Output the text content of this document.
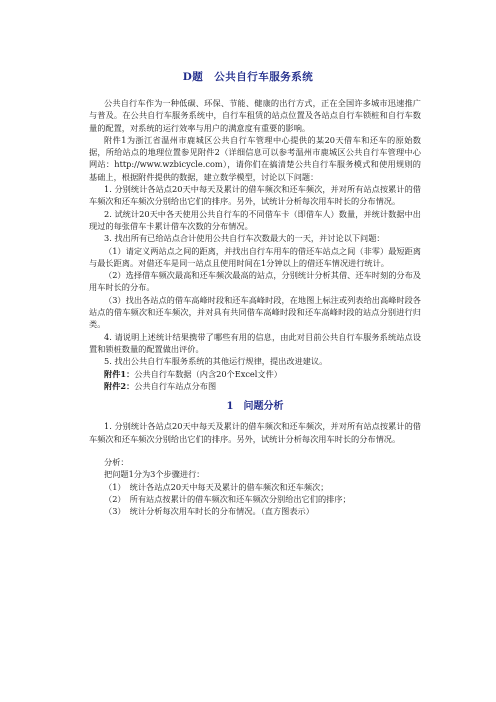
D题　公共自行车服务系统

公共自行车作为一种低碳、环保、节能、健康的出行方式，正在全国许多城市迅速推广与普及。在公共自行车服务系统中，自行车租赁的站点位置及各站点自行车锁桩和自行车数量的配置，对系统的运行效率与用户的满意度有重要的影响。

附件1为浙江省温州市鹿城区公共自行车管理中心提供的某20天借车和还车的原始数据，所给站点的地理位置参见附件2（详细信息可以参考温州市鹿城区公共自行车管理中心网站：http://www.wzbicycle.com），请你们在搞清楚公共自行车服务模式和使用规则的基础上，根据附件提供的数据，建立数学模型，讨论以下问题：

1. 分别统计各站点20天中每天及累计的借车频次和还车频次，并对所有站点按累计的借车频次和还车频次分别给出它们的排序。另外，试统计分析每次用车时长的分布情况。

2. 试统计20天中各天使用公共自行车的不同借车卡（即借车人）数量，并统计数据中出现过的每张借车卡累计借车次数的分布情况。

3. 找出所有已给站点合计使用公共自行车次数最大的一天，并讨论以下问题：

（1）请定义两站点之间的距离，并找出自行车用车的借还车站点之间（非零）最短距离与最长距离。对借还车是同一站点且使用时间在1分钟以上的借还车情况进行统计。

（2）选择借车频次最高和还车频次最高的站点，分别统计分析其借、还车时刻的分布及用车时长的分布。

（3）找出各站点的借车高峰时段和还车高峰时段，在地图上标注或列表给出高峰时段各站点的借车频次和还车频次，并对具有共同借车高峰时段和还车高峰时段的站点分别进行归类。

4. 请说明上述统计结果携带了哪些有用的信息，由此对目前公共自行车服务系统站点设置和锁桩数量的配置做出评价。

5. 找出公共自行车服务系统的其他运行规律，提出改进建议。

附件1：公共自行车数据（内含20个Excel文件）

附件2：公共自行车站点分布图

1　问题分析

1. 分别统计各站点20天中每天及累计的借车频次和还车频次，并对所有站点按累计的借车频次和还车频次分别给出它们的排序。另外，试统计分析每次用车时长的分布情况。

分析：

把问题1分为3个步骤进行：

（1）　统计各站点20天中每天及累计的借车频次和还车频次；

（2）　所有站点按累计的借车频次和还车频次分别给出它们的排序；

（3）　统计分析每次用车时长的分布情况。（直方图表示）
